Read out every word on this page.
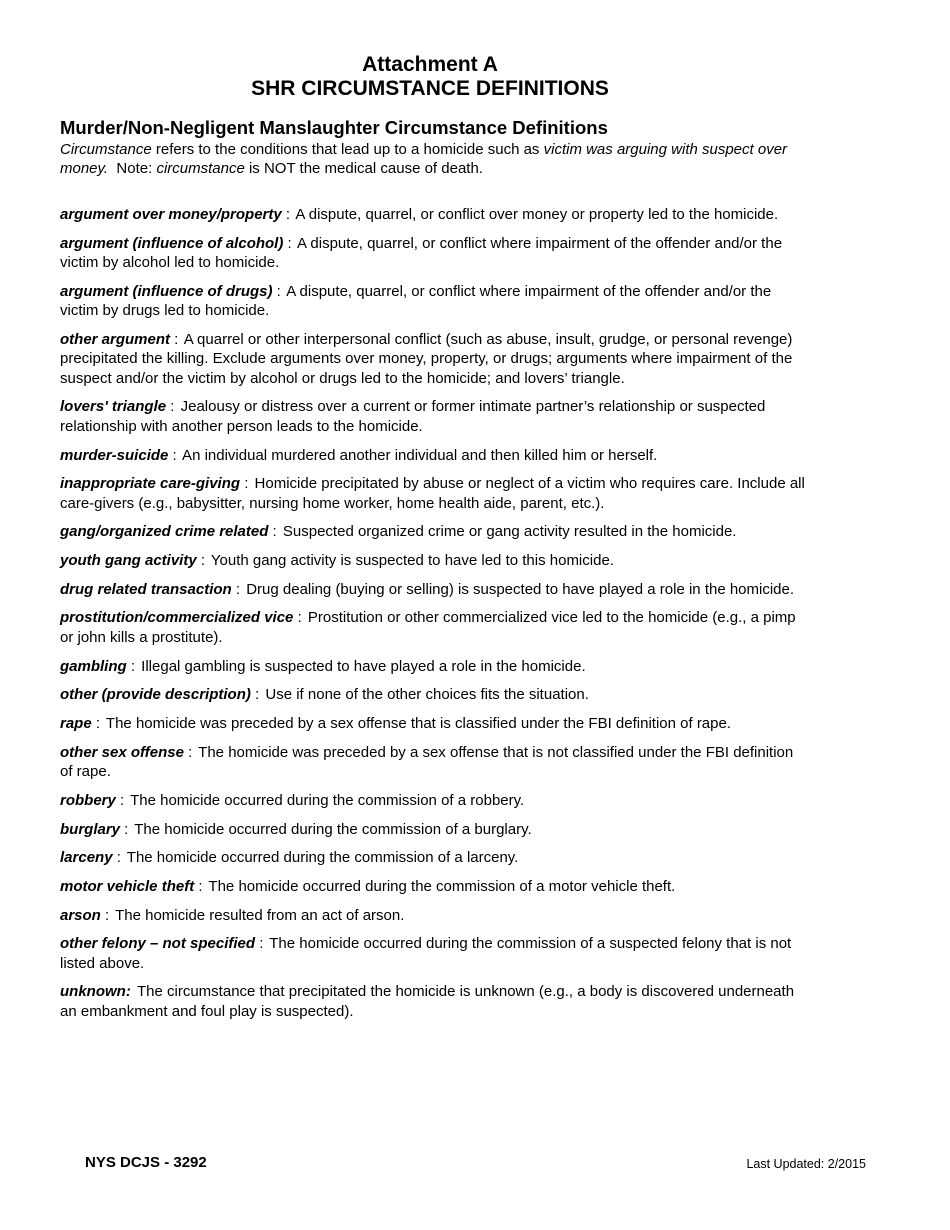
Attachment A
SHR CIRCUMSTANCE DEFINITIONS
Murder/Non-Negligent Manslaughter Circumstance Definitions
Circumstance refers to the conditions that lead up to a homicide such as victim was arguing with suspect over money.  Note: circumstance is NOT the medical cause of death.

argument over money/property : A dispute, quarrel, or conflict over money or property led to the homicide.

argument (influence of alcohol) : A dispute, quarrel, or conflict where impairment of the offender and/or the victim by alcohol led to homicide.

argument (influence of drugs) : A dispute, quarrel, or conflict where impairment of the offender and/or the victim by drugs led to homicide.

other argument : A quarrel or other interpersonal conflict (such as abuse, insult, grudge, or personal revenge) precipitated the killing. Exclude arguments over money, property, or drugs; arguments where impairment of the suspect and/or the victim by alcohol or drugs led to the homicide; and lovers’ triangle.

lovers' triangle : Jealousy or distress over a current or former intimate partner’s relationship or suspected relationship with another person leads to the homicide.

murder-suicide : An individual murdered another individual and then killed him or herself.

inappropriate care-giving : Homicide precipitated by abuse or neglect of a victim who requires care. Include all care-givers (e.g., babysitter, nursing home worker, home health aide, parent, etc.).

gang/organized crime related : Suspected organized crime or gang activity resulted in the homicide.

youth gang activity : Youth gang activity is suspected to have led to this homicide.

drug related transaction : Drug dealing (buying or selling) is suspected to have played a role in the homicide.

prostitution/commercialized vice : Prostitution or other commercialized vice led to the homicide (e.g., a pimp or john kills a prostitute).

gambling : Illegal gambling is suspected to have played a role in the homicide.

other (provide description) : Use if none of the other choices fits the situation.

rape : The homicide was preceded by a sex offense that is classified under the FBI definition of rape.

other sex offense : The homicide was preceded by a sex offense that is not classified under the FBI definition of rape.

robbery : The homicide occurred during the commission of a robbery.

burglary : The homicide occurred during the commission of a burglary.

larceny : The homicide occurred during the commission of a larceny.

motor vehicle theft : The homicide occurred during the commission of a motor vehicle theft.

arson : The homicide resulted from an act of arson.

other felony – not specified : The homicide occurred during the commission of a suspected felony that is not listed above.

unknown: The circumstance that precipitated the homicide is unknown (e.g., a body is discovered underneath an embankment and foul play is suspected).

NYS DCJS - 3292	Last Updated: 2/2015
